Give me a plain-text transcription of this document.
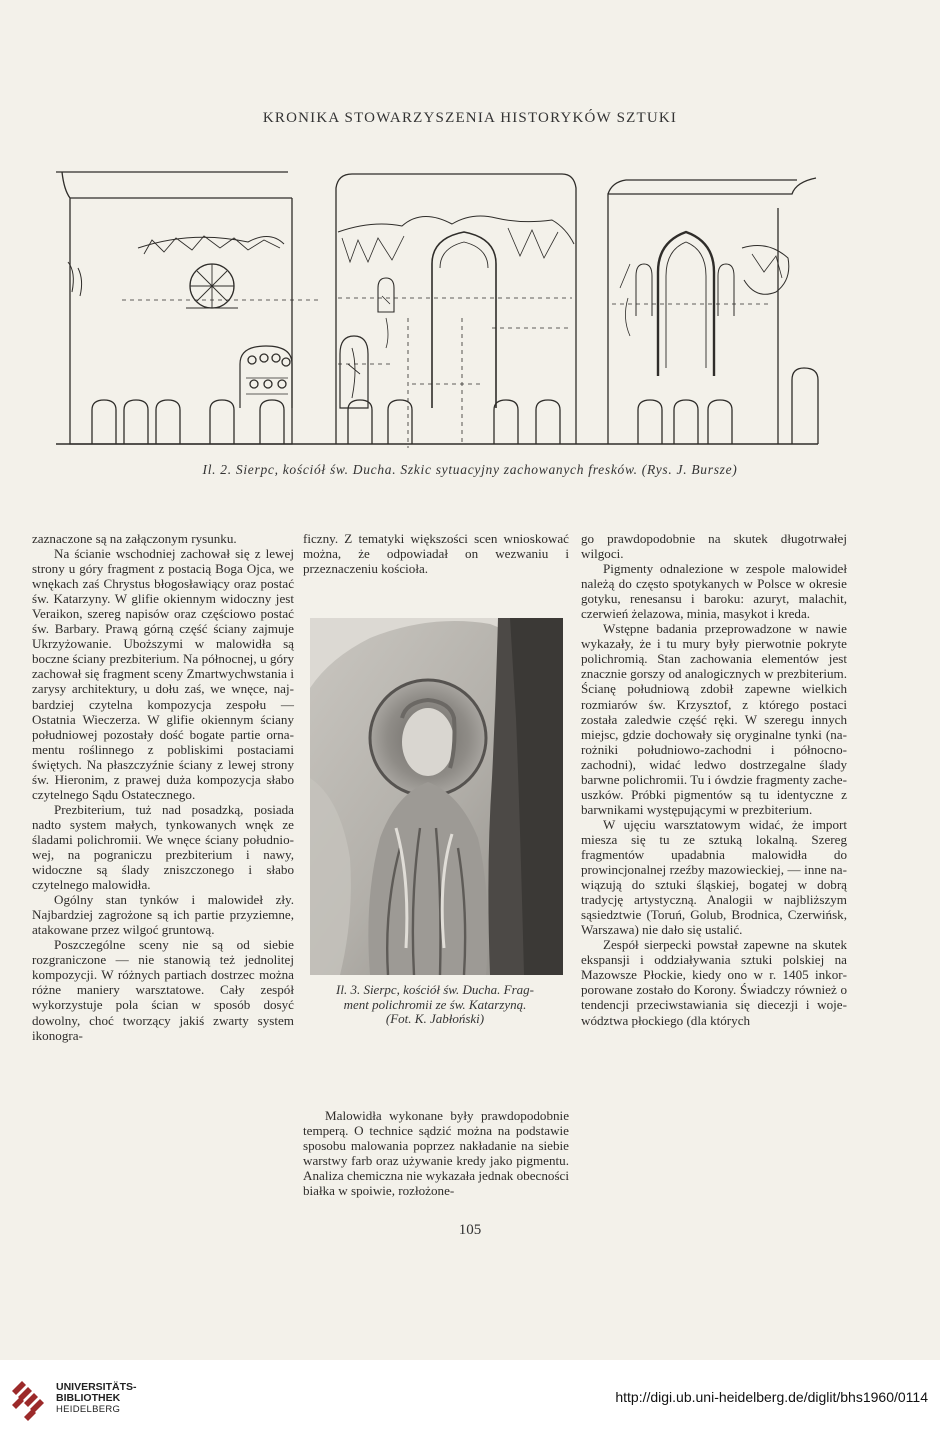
KRONIKA STOWARZYSZENIA HISTORYKÓW SZTUKI
Il. 2. Sierpc, kościół św. Ducha. Szkic sytuacyjny zachowanych fresków. (Rys. J. Bursze)

zaznaczone są na załączonym rysunku.

Na ścianie wschodniej zachował się z lewej strony u góry fragment z postacią Boga Ojca, we wnękach zaś Chrystus błogosławiący oraz postać św. Katarzyny. W glifie okiennym widoczny jest Veraikon, szereg napisów oraz częściowo postać św. Barbary. Prawą górną część ściany zajmuje Ukrzyżowanie. Uboższymi w malowidła są boczne ściany prezbiterium. Na północnej, u góry zachował się fragment sceny Zmartwychwstania i zarysy architektury, u dołu zaś, we wnęce, najbardziej czytelna kompozycja zespołu — Ostatnia Wieczerza. W glifie okiennym ściany południowej pozostały dość bogate partie ornamentu roślinnego z pobliskimi postaciami świętych. Na płaszczyźnie ściany z lewej strony św. Hieronim, z prawej duża kompozycja słabo czytelnego Sądu Ostatecznego.

Prezbiterium, tuż nad posadzką, posiada nadto system małych, tynkowanych wnęk ze śladami polichromii. We wnęce ściany południowej, na pograniczu prezbiterium i nawy, widoczne są ślady zniszczonego i słabo czytelnego malowidła.

Ogólny stan tynków i malowideł zły. Najbardziej zagrożone są ich partie przyziemne, atakowane przez wilgoć gruntową.

Poszczególne sceny nie są od siebie rozgraniczone — nie stanowią też jednolitej kompozycji. W różnych partiach dostrzec można różne maniery warsztatowe. Cały zespół wykorzystuje pola ścian w sposób dosyć dowolny, choć tworzący jakiś zwarty system ikonogra-

ficzny. Z tematyki większości scen wnioskować można, że odpowiadał on wezwaniu i przeznaczeniu kościoła.

Il. 3. Sierpc, kościół św. Ducha. Frag-
ment polichromii ze św. Katarzyną.
(Fot. K. Jabłoński)

Malowidła wykonane były prawdopodobnie temperą. O technice sądzić można na podstawie sposobu malowania poprzez nakładanie na siebie warstwy farb oraz używanie kredy jako pigmentu. Analiza chemiczna nie wykazała jednak obecności białka w spoiwie, rozłożone-

go prawdopodobnie na skutek długotrwałej wilgoci.

Pigmenty odnalezione w zespole malowideł należą do często spotykanych w Polsce w okresie gotyku, renesansu i baroku: azuryt, malachit, czerwień żelazowa, minia, masykot i kreda.

Wstępne badania przeprowadzone w nawie wykazały, że i tu mury były pierwotnie pokryte polichromią. Stan zachowania elementów jest znacznie gorszy od analogicznych w prezbiterium. Ścianę południową zdobił zapewne wielkich rozmiarów św. Krzysztof, z którego postaci została zaledwie część ręki. W szeregu innych miejsc, gdzie dochowały się oryginalne tynki (narożniki południowo-zachodni i północno-zachodni), widać ledwo dostrzegalne ślady barwne polichromii. Tu i ówdzie fragmenty zacheuszków. Próbki pigmentów są tu identyczne z barwnikami występującymi w prezbiterium.

W ujęciu warsztatowym widać, że import miesza się tu ze sztuką lokalną. Szereg fragmentów upadabnia malowidła do prowincjonalnej rzeźby mazowieckiej, — inne nawiązują do sztuki śląskiej, bogatej w dobrą tradycję artystyczną. Analogii w najbliższym sąsiedztwie (Toruń, Golub, Brodnica, Czerwińsk, Warszawa) nie dało się ustalić.

Zespół sierpecki powstał zapewne na skutek ekspansji i oddziaływania sztuki polskiej na Mazowsze Płockie, kiedy ono w r. 1405 inkorporowane zostało do Korony. Świadczy również o tendencji przeciwstawiania się diecezji i województwa płockiego (dla których

105
UNIVERSITÄTS-
BIBLIOTHEK
HEIDELBERG
http://digi.ub.uni-heidelberg.de/diglit/bhs1960/0114
